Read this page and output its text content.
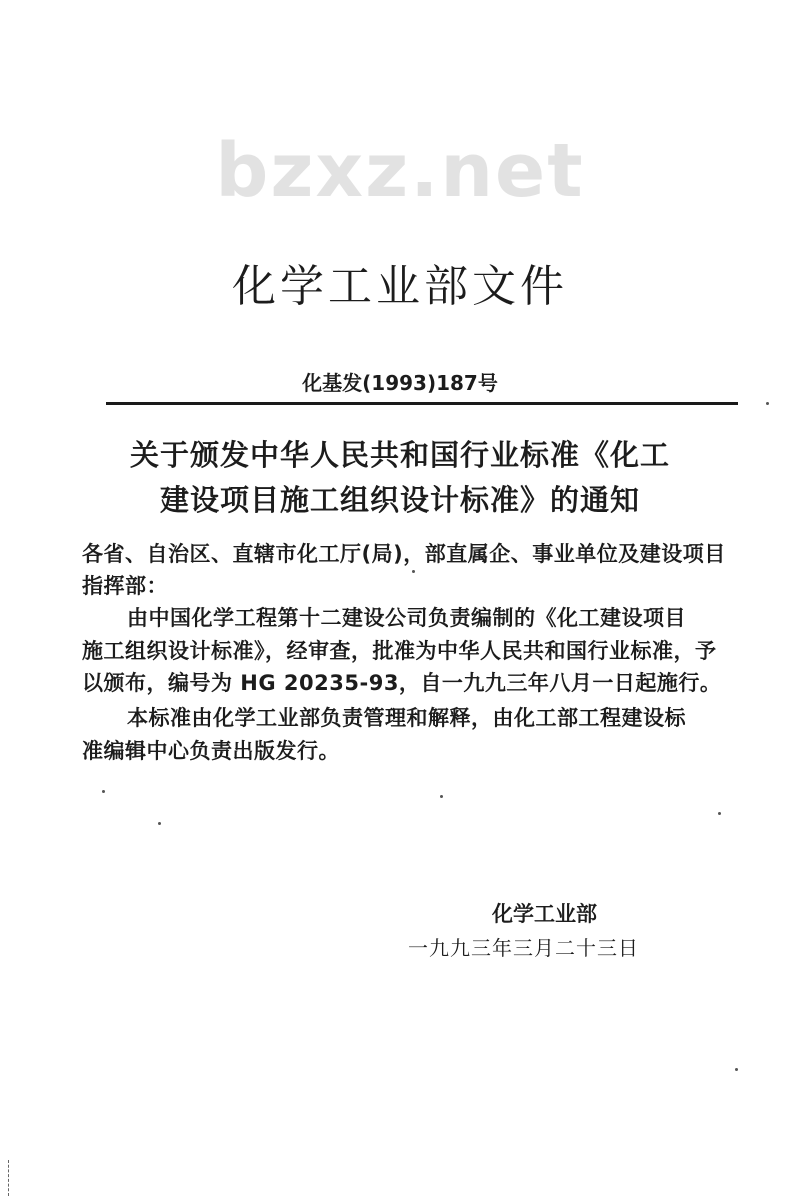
bzxz.net
化学工业部文件
化基发(1993)187号
关于颁发中华人民共和国行业标准《化工
建设项目施工组织设计标准》的通知
各省、自治区、直辖市化工厅(局)，部直属企、事业单位及建设项目
指挥部：
由中国化学工程第十二建设公司负责编制的《化工建设项目
施工组织设计标准》，经审查，批准为中华人民共和国行业标准，予
以颁布，编号为 HG 20235-93，自一九九三年八月一日起施行。
本标准由化学工业部负责管理和解释，由化工部工程建设标
准编辑中心负责出版发行。
化学工业部
一九九三年三月二十三日
